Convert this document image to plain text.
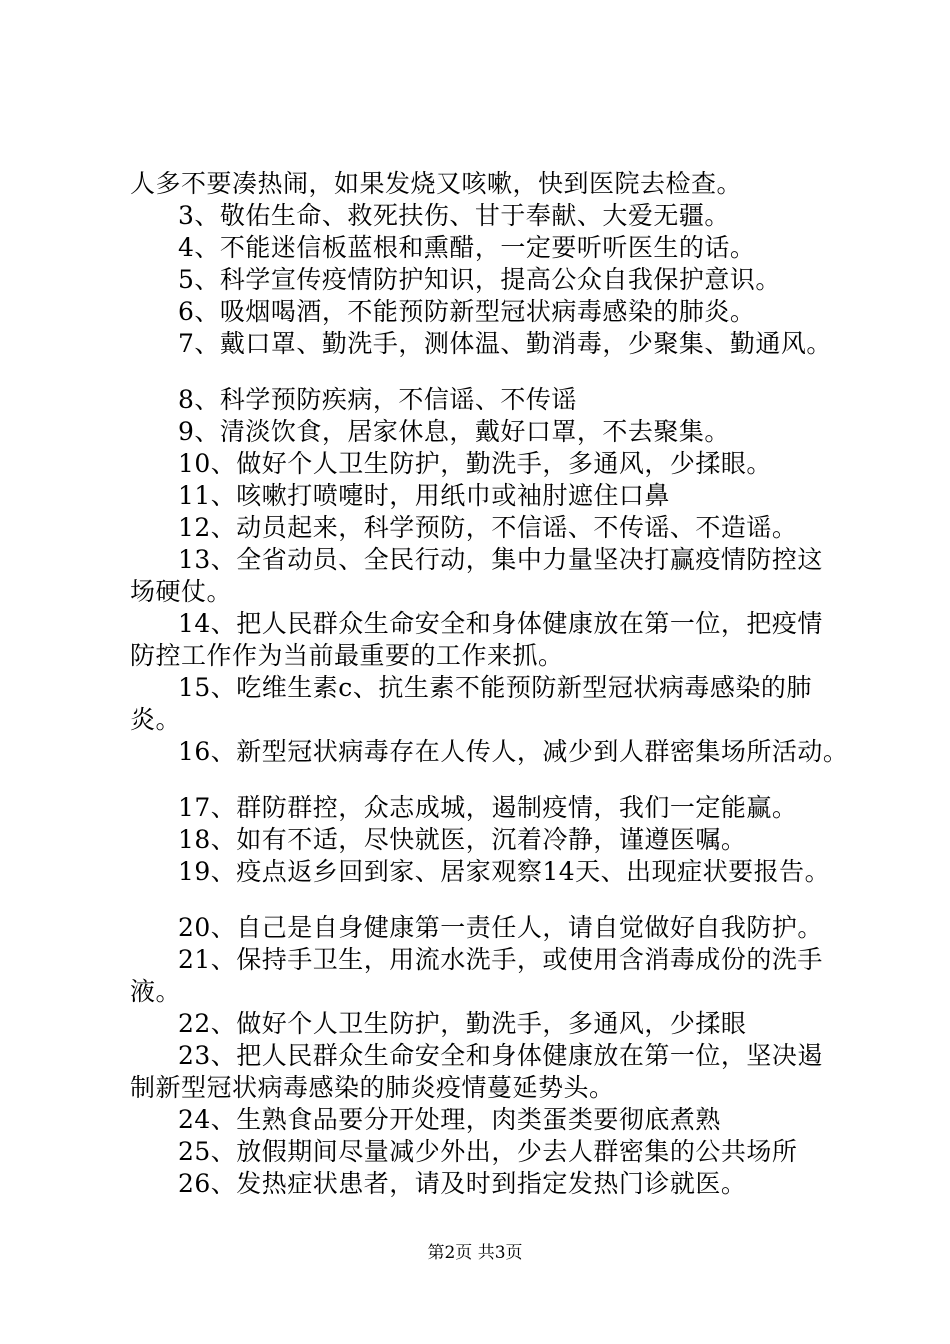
人多不要凑热闹，如果发烧又咳嗽，快到医院去检查。
3、敬佑生命、救死扶伤、甘于奉献、大爱无疆。
4、不能迷信板蓝根和熏醋，一定要听听医生的话。
5、科学宣传疫情防护知识，提高公众自我保护意识。
6、吸烟喝酒，不能预防新型冠状病毒感染的肺炎。
7、戴口罩、勤洗手，测体温、勤消毒，少聚集、勤通风。
8、科学预防疾病，不信谣、不传谣
9、清淡饮食，居家休息，戴好口罩，不去聚集。
10、做好个人卫生防护，勤洗手，多通风，少揉眼。
11、咳嗽打喷嚏时，用纸巾或袖肘遮住口鼻
12、动员起来，科学预防，不信谣、不传谣、不造谣。
13、全省动员、全民行动，集中力量坚决打赢疫情防控这
场硬仗。
14、把人民群众生命安全和身体健康放在第一位，把疫情
防控工作作为当前最重要的工作来抓。
15、吃维生素c、抗生素不能预防新型冠状病毒感染的肺
炎。
16、新型冠状病毒存在人传人，减少到人群密集场所活动。
17、群防群控，众志成城，遏制疫情，我们一定能赢。
18、如有不适，尽快就医，沉着冷静，谨遵医嘱。
19、疫点返乡回到家、居家观察14天、出现症状要报告。
20、自己是自身健康第一责任人，请自觉做好自我防护。
21、保持手卫生，用流水洗手，或使用含消毒成份的洗手
液。
22、做好个人卫生防护，勤洗手，多通风，少揉眼
23、把人民群众生命安全和身体健康放在第一位，坚决遏
制新型冠状病毒感染的肺炎疫情蔓延势头。
24、生熟食品要分开处理，肉类蛋类要彻底煮熟
25、放假期间尽量减少外出，少去人群密集的公共场所
26、发热症状患者，请及时到指定发热门诊就医。
第2页 共3页
